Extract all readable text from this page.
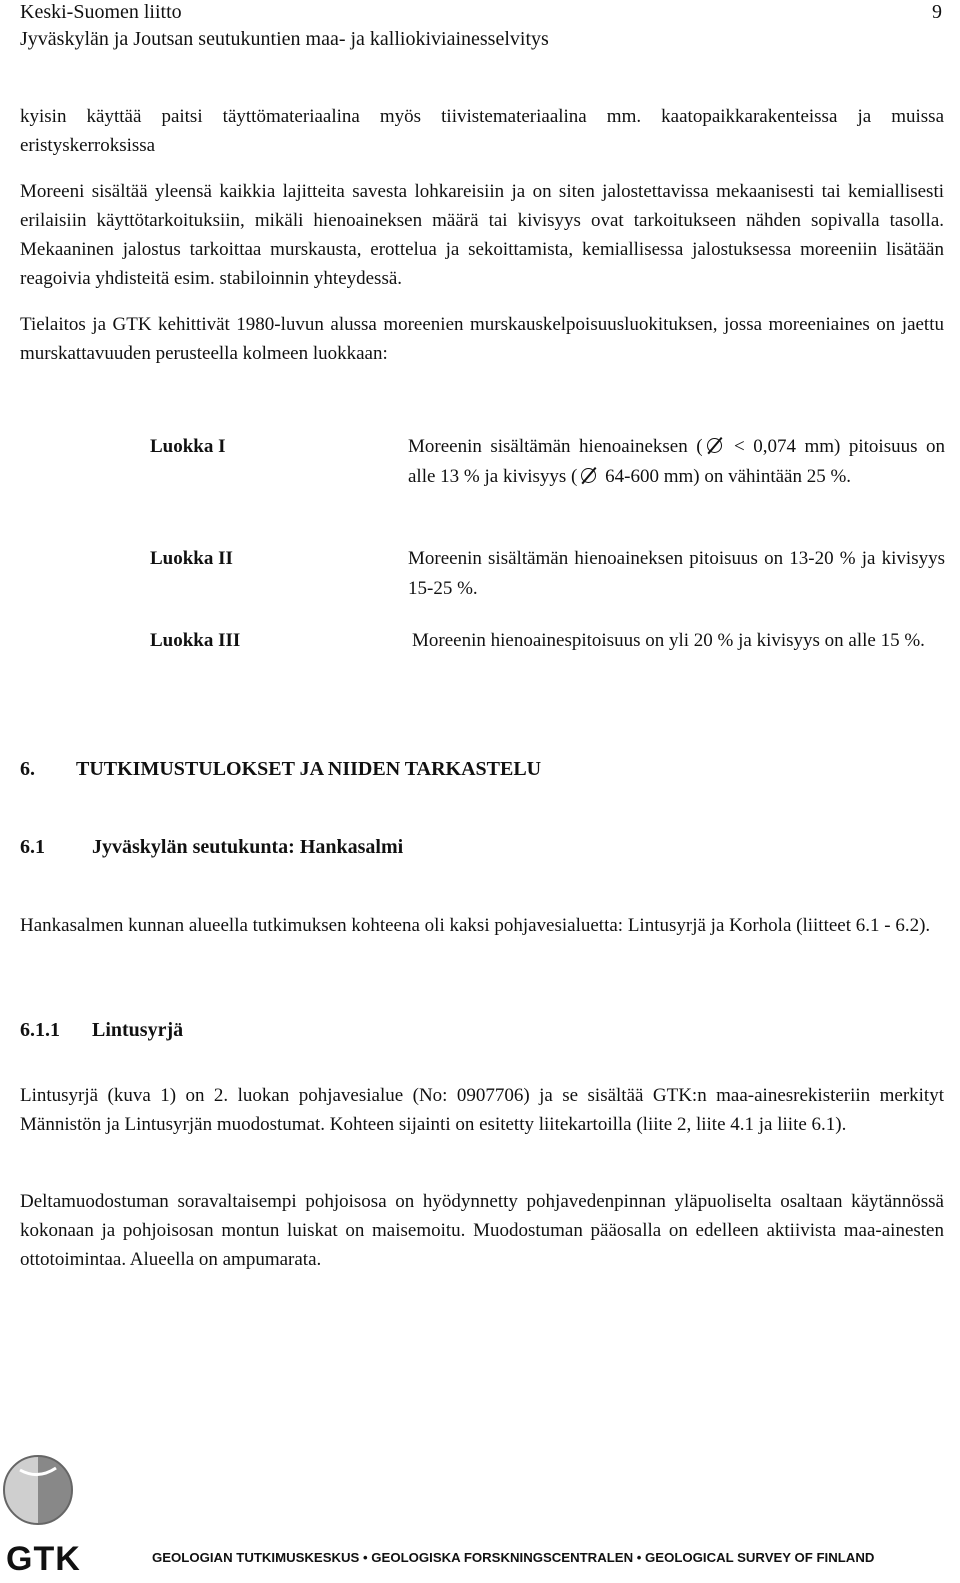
Keski-Suomen liitto
Jyväskylän ja Joutsan seutukuntien maa- ja kalliokiviainesselvitys
9

kyisin käyttää paitsi täyttömateriaalina myös tiivistemateriaalina mm. kaatopaikkarakenteissa ja muissa eristyskerroksissa

Moreeni sisältää yleensä kaikkia lajitteita savesta lohkareisiin ja on siten jalostettavissa mekaanisesti tai kemiallisesti erilaisiin käyttötarkoituksiin, mikäli hienoaineksen määrä tai kivisyys ovat tarkoitukseen nähden sopivalla tasolla. Mekaaninen jalostus tarkoittaa murskausta, erottelua ja sekoittamista, kemiallisessa jalostuksessa moreeniin lisätään reagoivia yhdisteitä esim. stabiloinnin yhteydessä.

Tielaitos ja GTK kehittivät 1980-luvun alussa moreenien murskauskelpoisuusluokituksen, jossa moreeniaines on jaettu murskattavuuden perusteella kolmeen luokkaan:

Luokka I	Moreenin sisältämän hienoaineksen ( < 0,074 mm) pitoisuus on alle 13 % ja kivisyys ( 64-600 mm) on vähintään 25 %.
Luokka II	Moreenin sisältämän hienoaineksen pitoisuus on 13-20 % ja kivisyys 15-25 %.
Luokka III	Moreenin hienoainespitoisuus on yli 20 % ja kivisyys on alle 15 %.
6. TUTKIMUSTULOKSET JA NIIDEN TARKASTELU
6.1 Jyväskylän seutukunta: Hankasalmi

Hankasalmen kunnan alueella tutkimuksen kohteena oli kaksi pohjavesialuetta: Lintusyrjä ja Korhola (liitteet 6.1 - 6.2).

6.1.1 Lintusyrjä

Lintusyrjä (kuva 1) on 2. luokan pohjavesialue (No: 0907706) ja se sisältää GTK:n maa-ainesrekisteriin merkityt Männistön ja Lintusyrjän muodostumat. Kohteen sijainti on esitetty liitekartoilla (liite 2, liite 4.1 ja liite 6.1).

Deltamuodostuman soravaltaisempi pohjoisosa on hyödynnetty pohjavedenpinnan yläpuoliselta osaltaan käytännössä kokonaan ja pohjoisosan montun luiskat on maisemoitu. Muodostuman pääosalla on edelleen aktiivista maa-ainesten ottotoimintaa. Alueella on ampumarata.

GTK	GEOLOGIAN TUTKIMUSKESKUS • GEOLOGISKA FORSKNINGSCENTRALEN • GEOLOGICAL SURVEY OF FINLAND
